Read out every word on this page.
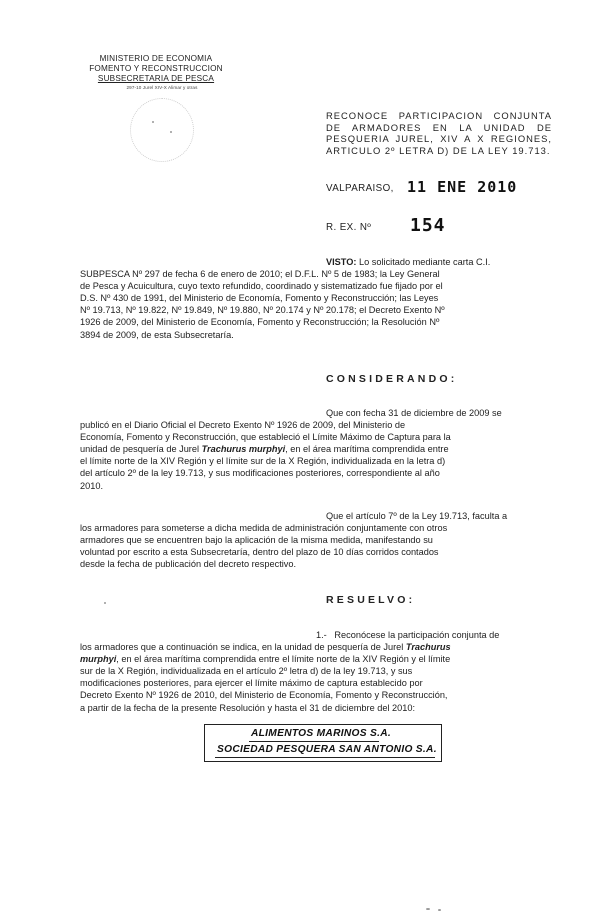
MINISTERIO DE ECONOMIA
FOMENTO Y RECONSTRUCCION
SUBSECRETARIA DE PESCA
297-10 Jurel XIV-X Alimar y otras
RECONOCE PARTICIPACION CONJUNTA
DE ARMADORES EN LA UNIDAD DE
PESQUERIA JUREL, XIV A X REGIONES,
ARTICULO 2º LETRA D) DE LA LEY 19.713.
VALPARAISO, 11 ENE 2010
R. EX. Nº 154
VISTO: Lo solicitado mediante carta C.I.
SUBPESCA Nº 297 de fecha 6 de enero de 2010; el D.F.L. Nº 5 de 1983; la Ley General
de Pesca y Acuicultura, cuyo texto refundido, coordinado y sistematizado fue fijado por el
D.S. Nº 430 de 1991, del Ministerio de Economía, Fomento y Reconstrucción; las Leyes
Nº 19.713, Nº 19.822, Nº 19.849, Nº 19.880, Nº 20.174 y Nº 20.178; el Decreto Exento Nº
1926 de 2009, del Ministerio de Economía, Fomento y Reconstrucción; la Resolución Nº
3894 de 2009, de esta Subsecretaría.
CONSIDERANDO:
Que con fecha 31 de diciembre de 2009 se
publicó en el Diario Oficial el Decreto Exento Nº 1926 de 2009, del Ministerio de
Economía, Fomento y Reconstrucción, que estableció el Límite Máximo de Captura para la
unidad de pesquería de Jurel Trachurus murphyi, en el área marítima comprendida entre
el límite norte de la XIV Región y el límite sur de la X Región, individualizada en la letra d)
del artículo 2º de la ley 19.713, y sus modificaciones posteriores, correspondiente al año
2010.
Que el artículo 7º de la Ley 19.713, faculta a
los armadores para someterse a dicha medida de administración conjuntamente con otros
armadores que se encuentren bajo la aplicación de la misma medida, manifestando su
voluntad por escrito a esta Subsecretaría, dentro del plazo de 10 días corridos contados
desde la fecha de publicación del decreto respectivo.
RESUELVO:
1.- Reconócese la participación conjunta de
los armadores que a continuación se indica, en la unidad de pesquería de Jurel Trachurus
murphyi, en el área marítima comprendida entre el límite norte de la XIV Región y el límite
sur de la X Región, individualizada en el artículo 2º letra d) de la ley 19.713, y sus
modificaciones posteriores, para ejercer el límite máximo de captura establecido por
Decreto Exento Nº 1926 de 2010, del Ministerio de Economía, Fomento y Reconstrucción,
a partir de la fecha de la presente Resolución y hasta el 31 de diciembre del 2010:
ALIMENTOS MARINOS S.A.
SOCIEDAD PESQUERA SAN ANTONIO S.A.
